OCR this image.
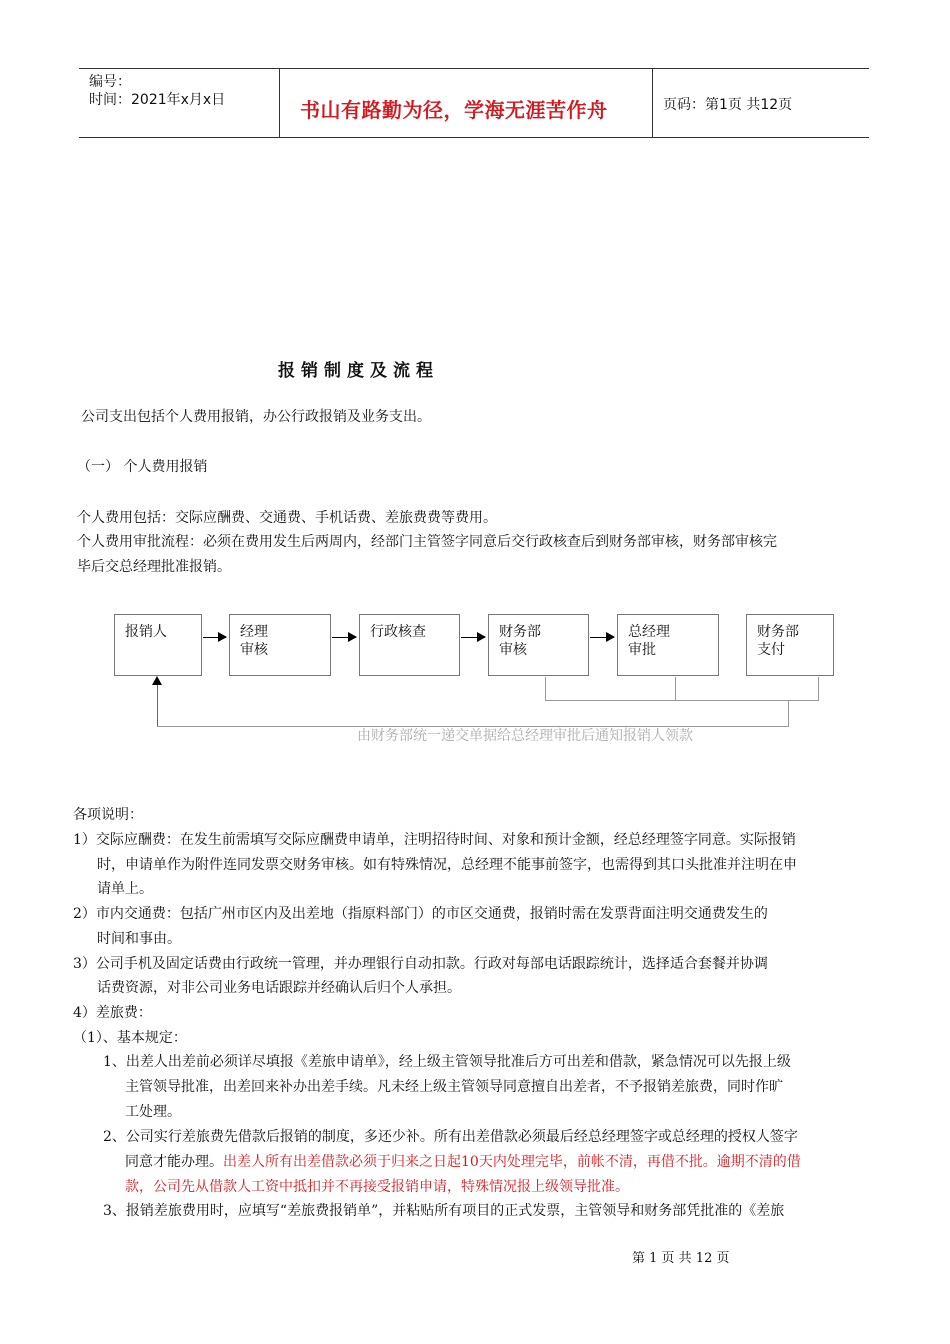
编号：
时间：2021年x月x日	书山有路勤为径，学海无涯苦作舟	页码：第1页 共12页
报销制度及流程
公司支出包括个人费用报销，办公行政报销及业务支出。
（一） 个人费用报销
个人费用包括：交际应酬费、交通费、手机话费、差旅费费等费用。
个人费用审批流程：必须在费用发生后两周内，经部门主管签字同意后交行政核查后到财务部审核，财务部审核完
毕后交总经理批准报销。
报销人	经理
审核
行政核查	财务部
审核
总经理
审批
财务部
支付
由财务部统一递交单据给总经理审批后通知报销人领款
各项说明：
1）交际应酬费：在发生前需填写交际应酬费申请单，注明招待时间、对象和预计金额，经总经理签字同意。实际报销
时，申请单作为附件连同发票交财务审核。如有特殊情况，总经理不能事前签字，也需得到其口头批准并注明在申
请单上。
2）市内交通费：包括广州市区内及出差地（指原料部门）的市区交通费，报销时需在发票背面注明交通费发生的
时间和事由。
3）公司手机及固定话费由行政统一管理，并办理银行自动扣款。行政对每部电话跟踪统计，选择适合套餐并协调
话费资源，对非公司业务电话跟踪并经确认后归个人承担。
4）差旅费：
（1）、基本规定：
1、出差人出差前必须详尽填报《差旅申请单》，经上级主管领导批准后方可出差和借款，紧急情况可以先报上级
主管领导批准，出差回来补办出差手续。凡未经上级主管领导同意擅自出差者，不予报销差旅费，同时作旷
工处理。
2、公司实行差旅费先借款后报销的制度，多还少补。所有出差借款必须最后经总经理签字或总经理的授权人签字
同意才能办理。出差人所有出差借款必须于归来之日起10天内处理完毕，前帐不清，再借不批。逾期不清的借
款，公司先从借款人工资中抵扣并不再接受报销申请，特殊情况报上级领导批准。
3、报销差旅费用时，应填写“差旅费报销单”，并粘贴所有项目的正式发票，主管领导和财务部凭批准的《差旅
第 1 页 共 12 页
